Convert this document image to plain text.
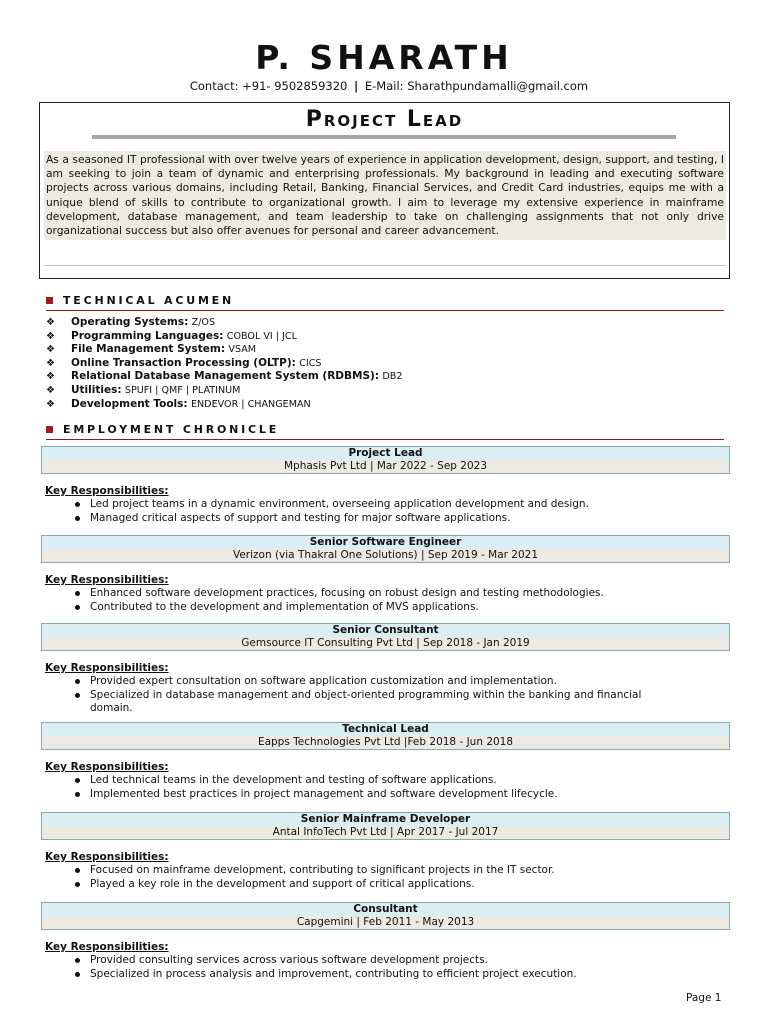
P. SHARATH
Contact: +91- 9502859320 | E-Mail: Sharathpundamalli@gmail.com
Project Lead
As a seasoned IT professional with over twelve years of experience in application development, design, support, and testing, I am seeking to join a team of dynamic and enterprising professionals. My background in leading and executing software projects across various domains, including Retail, Banking, Financial Services, and Credit Card industries, equips me with a unique blend of skills to contribute to organizational growth. I aim to leverage my extensive experience in mainframe development, database management, and team leadership to take on challenging assignments that not only drive organizational success but also offer avenues for personal and career advancement.
TECHNICAL ACUMEN
❖ Operating Systems: Z/OS
❖ Programming Languages: COBOL VI | JCL
❖ File Management System: VSAM
❖ Online Transaction Processing (OLTP): CICS
❖ Relational Database Management System (RDBMS): DB2
❖ Utilities: SPUFI | QMF | PLATINUM
❖ Development Tools: ENDEVOR | CHANGEMAN
EMPLOYMENT CHRONICLE
Project Lead
Mphasis Pvt Ltd | Mar 2022 - Sep 2023
Key Responsibilities:
Led project teams in a dynamic environment, overseeing application development and design.
Managed critical aspects of support and testing for major software applications.
Senior Software Engineer
Verizon (via Thakral One Solutions) | Sep 2019 - Mar 2021
Key Responsibilities:
Enhanced software development practices, focusing on robust design and testing methodologies.
Contributed to the development and implementation of MVS applications.
Senior Consultant
Gemsource IT Consulting Pvt Ltd | Sep 2018 - Jan 2019
Key Responsibilities:
Provided expert consultation on software application customization and implementation.
Specialized in database management and object-oriented programming within the banking and financial domain.
Technical Lead
Eapps Technologies Pvt Ltd |Feb 2018 - Jun 2018
Key Responsibilities:
Led technical teams in the development and testing of software applications.
Implemented best practices in project management and software development lifecycle.
Senior Mainframe Developer
Antal InfoTech Pvt Ltd | Apr 2017 - Jul 2017
Key Responsibilities:
Focused on mainframe development, contributing to significant projects in the IT sector.
Played a key role in the development and support of critical applications.
Consultant
Capgemini | Feb 2011 - May 2013
Key Responsibilities:
Provided consulting services across various software development projects.
Specialized in process analysis and improvement, contributing to efficient project execution.
Page 1
